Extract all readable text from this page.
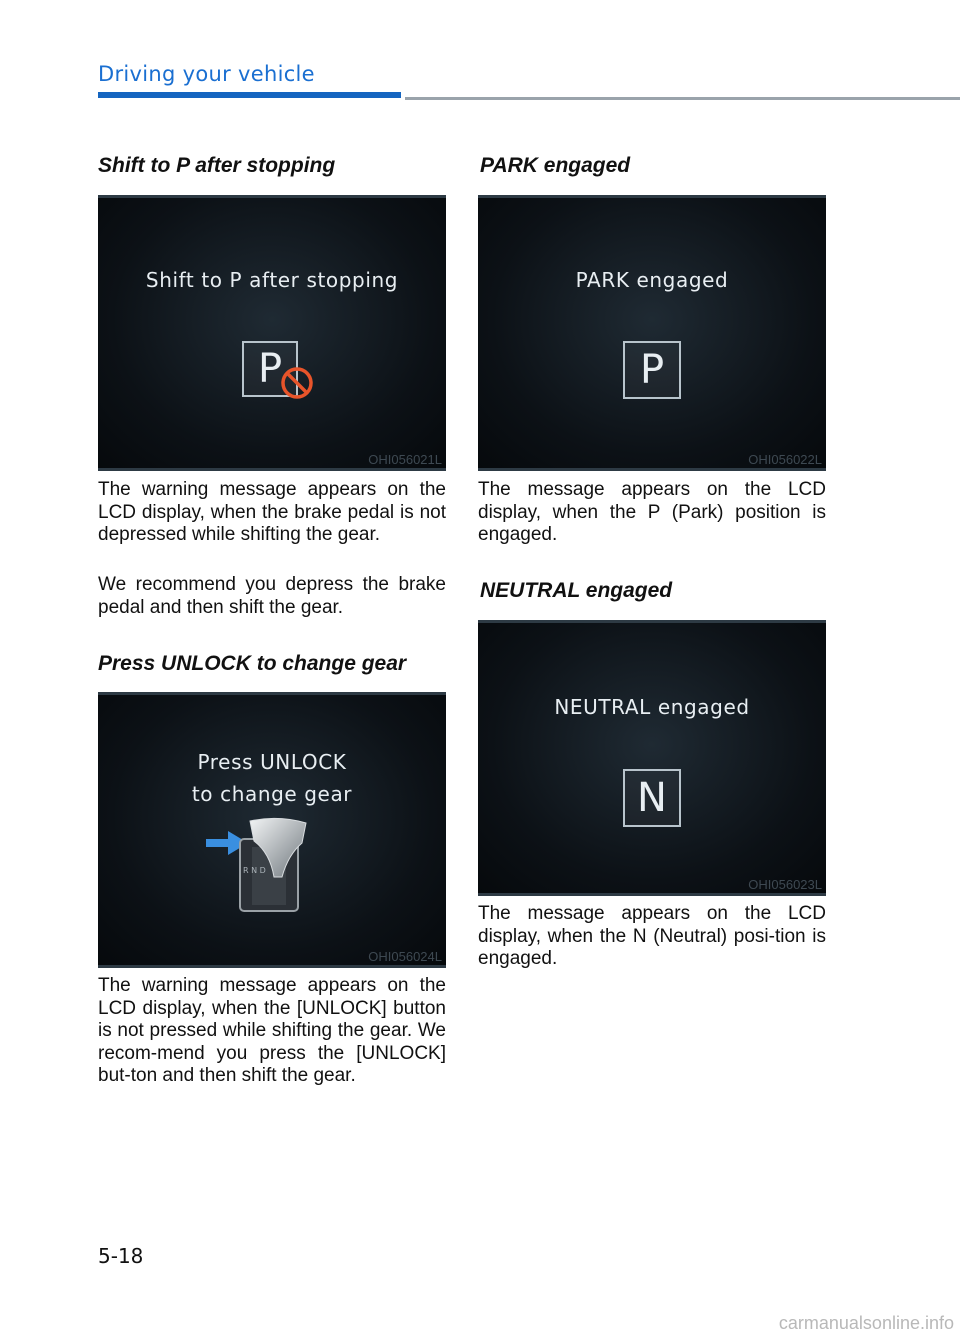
Driving your vehicle
Shift to P after stopping
Shift to P after stopping
P
OHI056021L

The warning message appears on the LCD display, when the brake pedal is not depressed while shifting the gear.

We recommend you depress the brake pedal and then shift the gear.

Press UNLOCK to change gear
Press UNLOCK
to change gear
R N D
OHI056024L

The warning message appears on the LCD display, when the [UNLOCK] button is not pressed while shifting the gear. We recom-mend you press the [UNLOCK] but-ton and then shift the gear.

PARK engaged
PARK engaged
P
OHI056022L

The message appears on the LCD display, when the P (Park) position is engaged.

NEUTRAL engaged
NEUTRAL engaged
N
OHI056023L

The message appears on the LCD display, when the N (Neutral) posi-tion is engaged.

5-18
carmanualsonline.info
